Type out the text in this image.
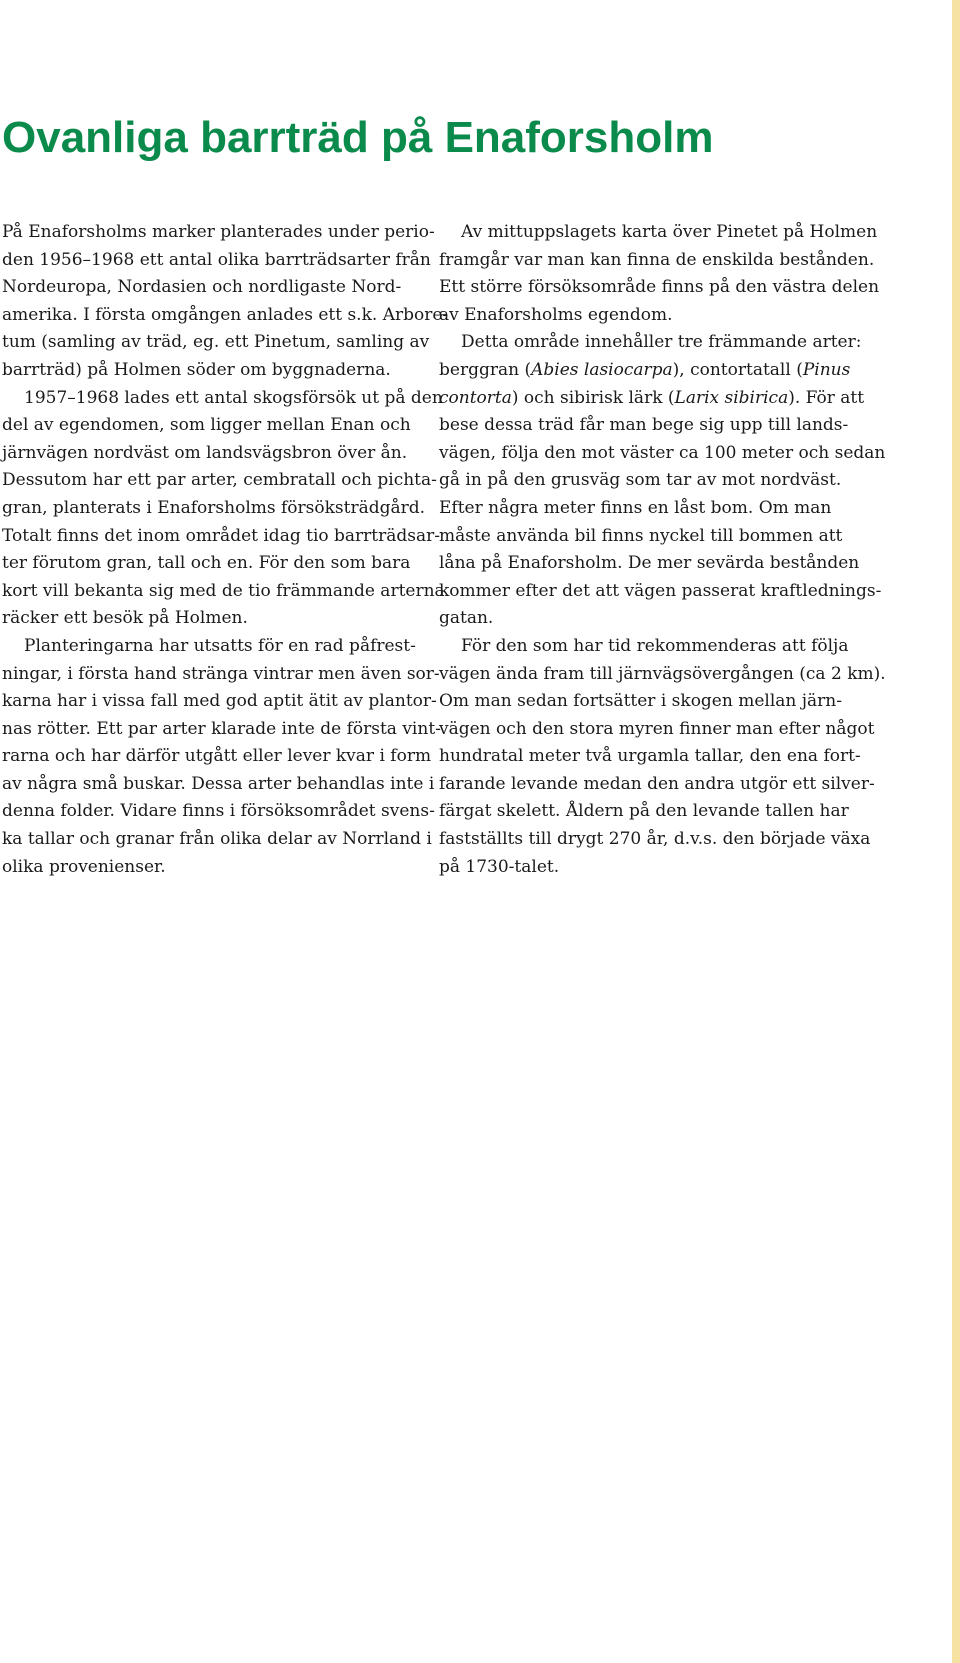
Ovanliga barrträd på Enaforsholm
På Enaforsholms marker planterades under perio-
den 1956–1968 ett antal olika barrträdsarter från
Nordeuropa, Nordasien och nordligaste Nord-
amerika. I första omgången anlades ett s.k. Arbore-
tum (samling av träd, eg. ett Pinetum, samling av
barrträd) på Holmen söder om byggnaderna.
1957–1968 lades ett antal skogsförsök ut på den
del av egendomen, som ligger mellan Enan och
järnvägen nordväst om landsvägsbron över ån.
Dessutom har ett par arter, cembratall och pichta-
gran, planterats i Enaforsholms försöksträdgård.
Totalt finns det inom området idag tio barrträdsar-
ter förutom gran, tall och en. För den som bara
kort vill bekanta sig med de tio främmande arterna
räcker ett besök på Holmen.
Planteringarna har utsatts för en rad påfrest-
ningar, i första hand stränga vintrar men även sor-
karna har i vissa fall med god aptit ätit av plantor-
nas rötter. Ett par arter klarade inte de första vint-
rarna och har därför utgått eller lever kvar i form
av några små buskar. Dessa arter behandlas inte i
denna folder. Vidare finns i försöksområdet svens-
ka tallar och granar från olika delar av Norrland i
olika provenienser.
Av mittuppslagets karta över Pinetet på Holmen
framgår var man kan finna de enskilda bestånden.
Ett större försöksområde finns på den västra delen
av Enaforsholms egendom.
Detta område innehåller tre främmande arter:
berggran (Abies lasiocarpa), contortatall (Pinus
contorta) och sibirisk lärk (Larix sibirica). För att
bese dessa träd får man bege sig upp till lands-
vägen, följa den mot väster ca 100 meter och sedan
gå in på den grusväg som tar av mot nordväst.
Efter några meter finns en låst bom. Om man
måste använda bil finns nyckel till bommen att
låna på Enaforsholm. De mer sevärda bestånden
kommer efter det att vägen passerat kraftlednings-
gatan.
För den som har tid rekommenderas att följa
vägen ända fram till järnvägsövergången (ca 2 km).
Om man sedan fortsätter i skogen mellan järn-
vägen och den stora myren finner man efter något
hundratal meter två urgamla tallar, den ena fort-
farande levande medan den andra utgör ett silver-
färgat skelett. Åldern på den levande tallen har
fastställts till drygt 270 år, d.v.s. den började växa
på 1730-talet.
